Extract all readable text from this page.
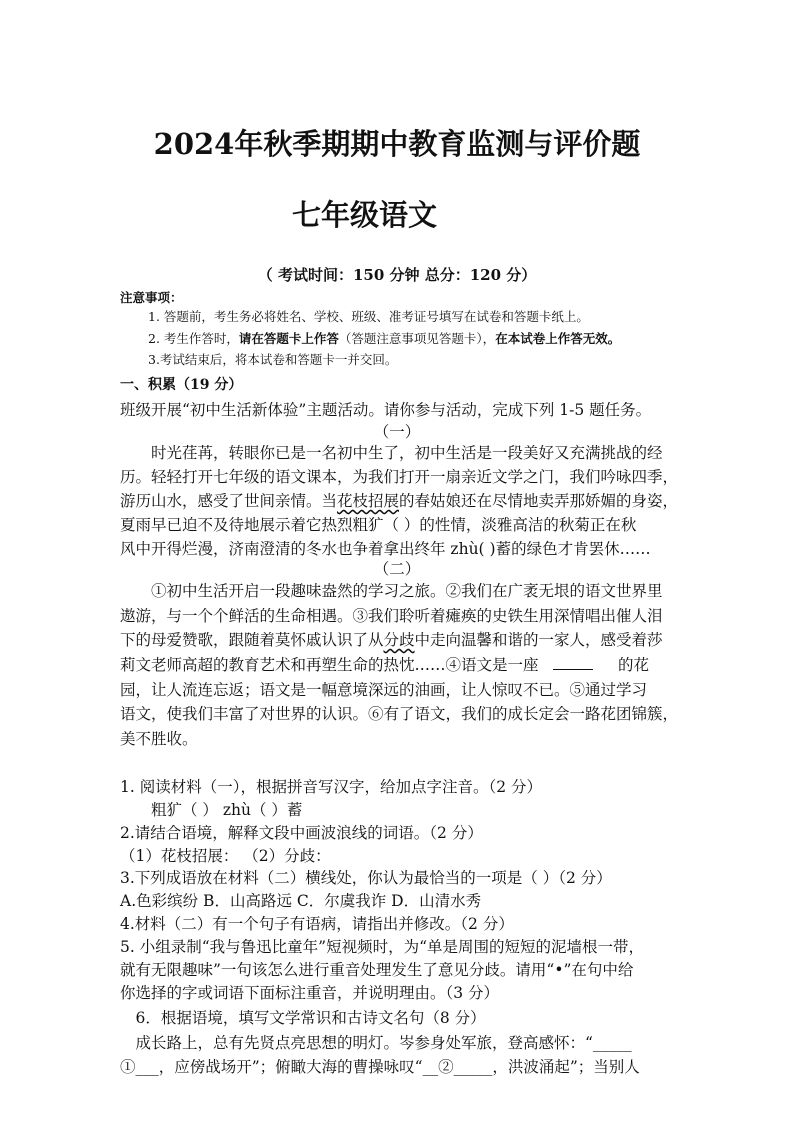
2024年秋季期期中教育监测与评价题
七年级语文
（ 考试时间：150 分钟 总分：120 分）
注意事项：
1. 答题前，考生务必将姓名、学校、班级、准考证号填写在试卷和答题卡纸上。
2. 考生作答时，请在答题卡上作答（答题注意事项见答题卡），在本试卷上作答无效。
3.考试结束后，将本试卷和答题卡一并交回。
一、积累（19 分）
班级开展“初中生活新体验”主题活动。请你参与活动，完成下列 1-5 题任务。
（一）
　　时光荏苒，转眼你已是一名初中生了，初中生活是一段美好又充满挑战的经
历。轻轻打开七年级的语文课本，为我们打开一扇亲近文学之门，我们吟咏四季，
游历山水，感受了世间亲情。当花枝招展的春姑娘还在尽情地卖弄那娇媚的身姿，
夏雨早已迫不及待地展示着它热烈粗犷（ ）的性情，淡雅高洁的秋菊正在秋
风中开得烂漫，济南澄清的冬水也争着拿出终年 zhù( )蓄的绿色才肯罢休……
（二）
　　①初中生活开启一段趣味盎然的学习之旅。②我们在广袤无垠的语文世界里
遨游，与一个个鲜活的生命相遇。③我们聆听着瘫痪的史铁生用深情唱出催人泪
下的母爱赞歌，跟随着莫怀戚认识了从分歧中走向温馨和谐的一家人，感受着莎
莉文老师高超的教育艺术和再塑生命的热忱……④语文是一座	的花
园，让人流连忘返；语文是一幅意境深远的油画，让人惊叹不已。⑤通过学习
语文，使我们丰富了对世界的认识。⑥有了语文，我们的成长定会一路花团锦簇，
美不胜收。
1. 阅读材料（一），根据拼音写汉字，给加点字注音。（2 分）
　　粗犷（ ） zhù（ ）蓄
2.请结合语境，解释文段中画波浪线的词语。（2 分）
（1）花枝招展： （2）分歧：
3.下列成语放在材料（二）横线处，你认为最恰当的一项是（ ）（2 分）
A.色彩缤纷 B．山高路远 C．尔虞我诈 D．山清水秀
4.材料（二）有一个句子有语病，请指出并修改。（2 分）
5. 小组录制“我与鲁迅比童年”短视频时，为“单是周围的短短的泥墙根一带，
就有无限趣味”一句该怎么进行重音处理发生了意见分歧。请用“•”在句中给
你选择的字或词语下面标注重音，并说明理由。（3 分）
　6．根据语境，填写文学常识和古诗文名句（8 分）
　成长路上，总有先贤点亮思想的明灯。岑参身处军旅，登高感怀：“_____
①___，应傍战场开”；俯瞰大海的曹操咏叹“__②_____，洪波涌起”；当别人
